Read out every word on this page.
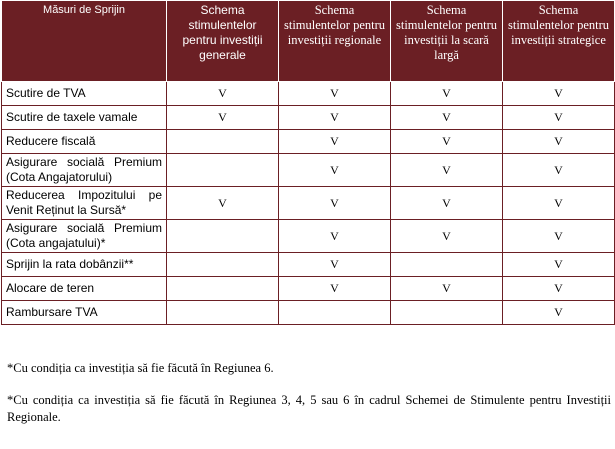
Măsuri de Sprijin	Schema stimulentelor pentru investiții generale	Schema stimulentelor pentru investiții regionale	Schema stimulentelor pentru investiții la scară largă	Schema stimulentelor pentru investiții strategice
Scutire de TVA	V	V	V	V
Scutire de taxele vamale	V	V	V	V
Reducere fiscală		V	V	V
Asigurare socială Premium (Cota Angajatorului)		V	V	V
Reducerea Impozitului pe Venit Reținut la Sursă*	V	V	V	V
Asigurare socială Premium (Cota angajatului)*		V	V	V
Sprijin la rata dobânzii**		V		V
Alocare de teren		V	V	V
Rambursare TVA				V

*Cu condiția ca investiția să fie făcută în Regiunea 6.

*Cu condiția ca investiția să fie făcută în Regiunea 3, 4, 5 sau 6 în cadrul Schemei de Stimulente pentru Investiții Regionale.
